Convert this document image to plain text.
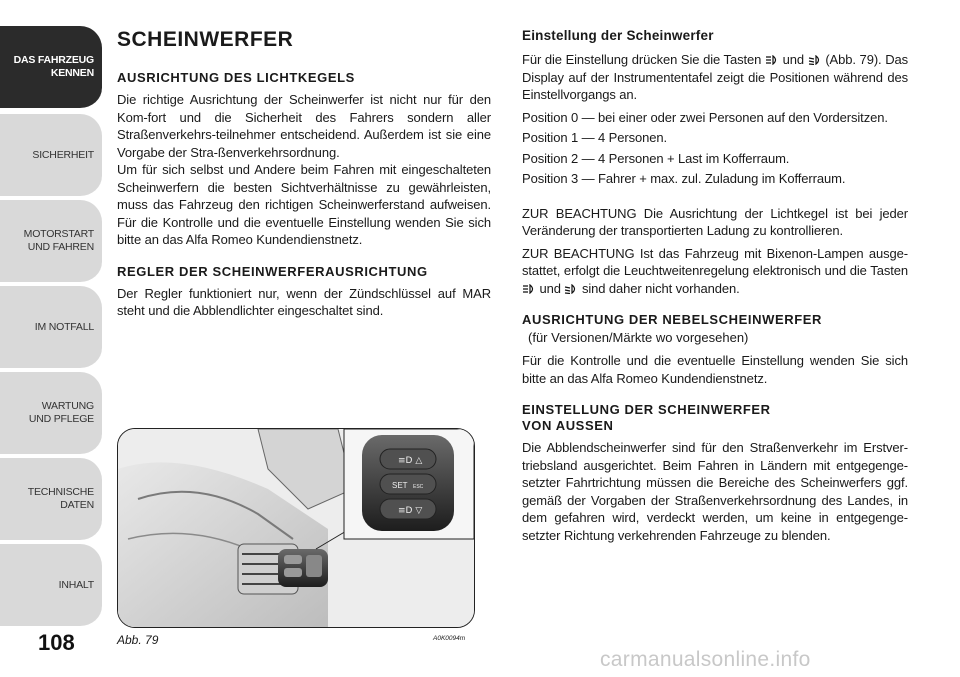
DAS FAHRZEUG
KENNEN
SICHERHEIT
MOTORSTART
UND FAHREN
IM NOTFALL
WARTUNG
UND PFLEGE
TECHNISCHE
DATEN
INHALT
108
SCHEINWERFER
AUSRICHTUNG DES LICHTKEGELS

Die richtige Ausrichtung der Scheinwerfer ist nicht nur für den Kom-fort und die Sicherheit des Fahrers sondern aller Straßenverkehrs-teilnehmer entscheidend. Außerdem ist sie eine Vorgabe der Stra-ßenverkehrsordnung.

Um für sich selbst und Andere beim Fahren mit eingeschalteten Scheinwerfern die besten Sichtverhältnisse zu gewährleisten, muss das Fahrzeug den richtigen Scheinwerferstand aufweisen. Für die Kontrolle und die eventuelle Einstellung wenden Sie sich bitte an das Alfa Romeo Kundendienstnetz.

REGLER DER SCHEINWERFERAUSRICHTUNG

Der Regler funktioniert nur, wenn der Zündschlüssel auf MAR steht und die Abblendlichter eingeschaltet sind.

≡D △
SET ESC
≡D ▽
Abb. 79	A0K0094m
Einstellung der Scheinwerfer

Für die Einstellung drücken Sie die Tasten und (Abb. 79). Das Display auf der Instrumententafel zeigt die Positionen während des Einstellvorgangs an.

Position 0 — bei einer oder zwei Personen auf den Vordersitzen.

Position 1 — 4 Personen.

Position 2 — 4 Personen + Last im Kofferraum.

Position 3 — Fahrer + max. zul. Zuladung im Kofferraum.

ZUR BEACHTUNG Die Ausrichtung der Lichtkegel ist bei jeder Veränderung der transportierten Ladung zu kontrollieren.

ZUR BEACHTUNG Ist das Fahrzeug mit Bixenon-Lampen ausge-stattet, erfolgt die Leuchtweitenregelung elektronisch und die Tasten  und sind daher nicht vorhanden.

AUSRICHTUNG DER NEBELSCHEINWERFER
(für Versionen/Märkte wo vorgesehen)

Für die Kontrolle und die eventuelle Einstellung wenden Sie sich bitte an das Alfa Romeo Kundendienstnetz.

EINSTELLUNG DER SCHEINWERFER
VON AUSSEN

Die Abblendscheinwerfer sind für den Straßenverkehr im Erstver-triebsland ausgerichtet. Beim Fahren in Ländern mit entgegenge-setzter Fahrtrichtung müssen die Bereiche des Scheinwerfers ggf. gemäß der Vorgaben der Straßenverkehrsordnung des Landes, in dem gefahren wird, verdeckt werden, um keine in entgegenge-setzter Richtung verkehrenden Fahrzeuge zu blenden.

carmanualsonline.info
